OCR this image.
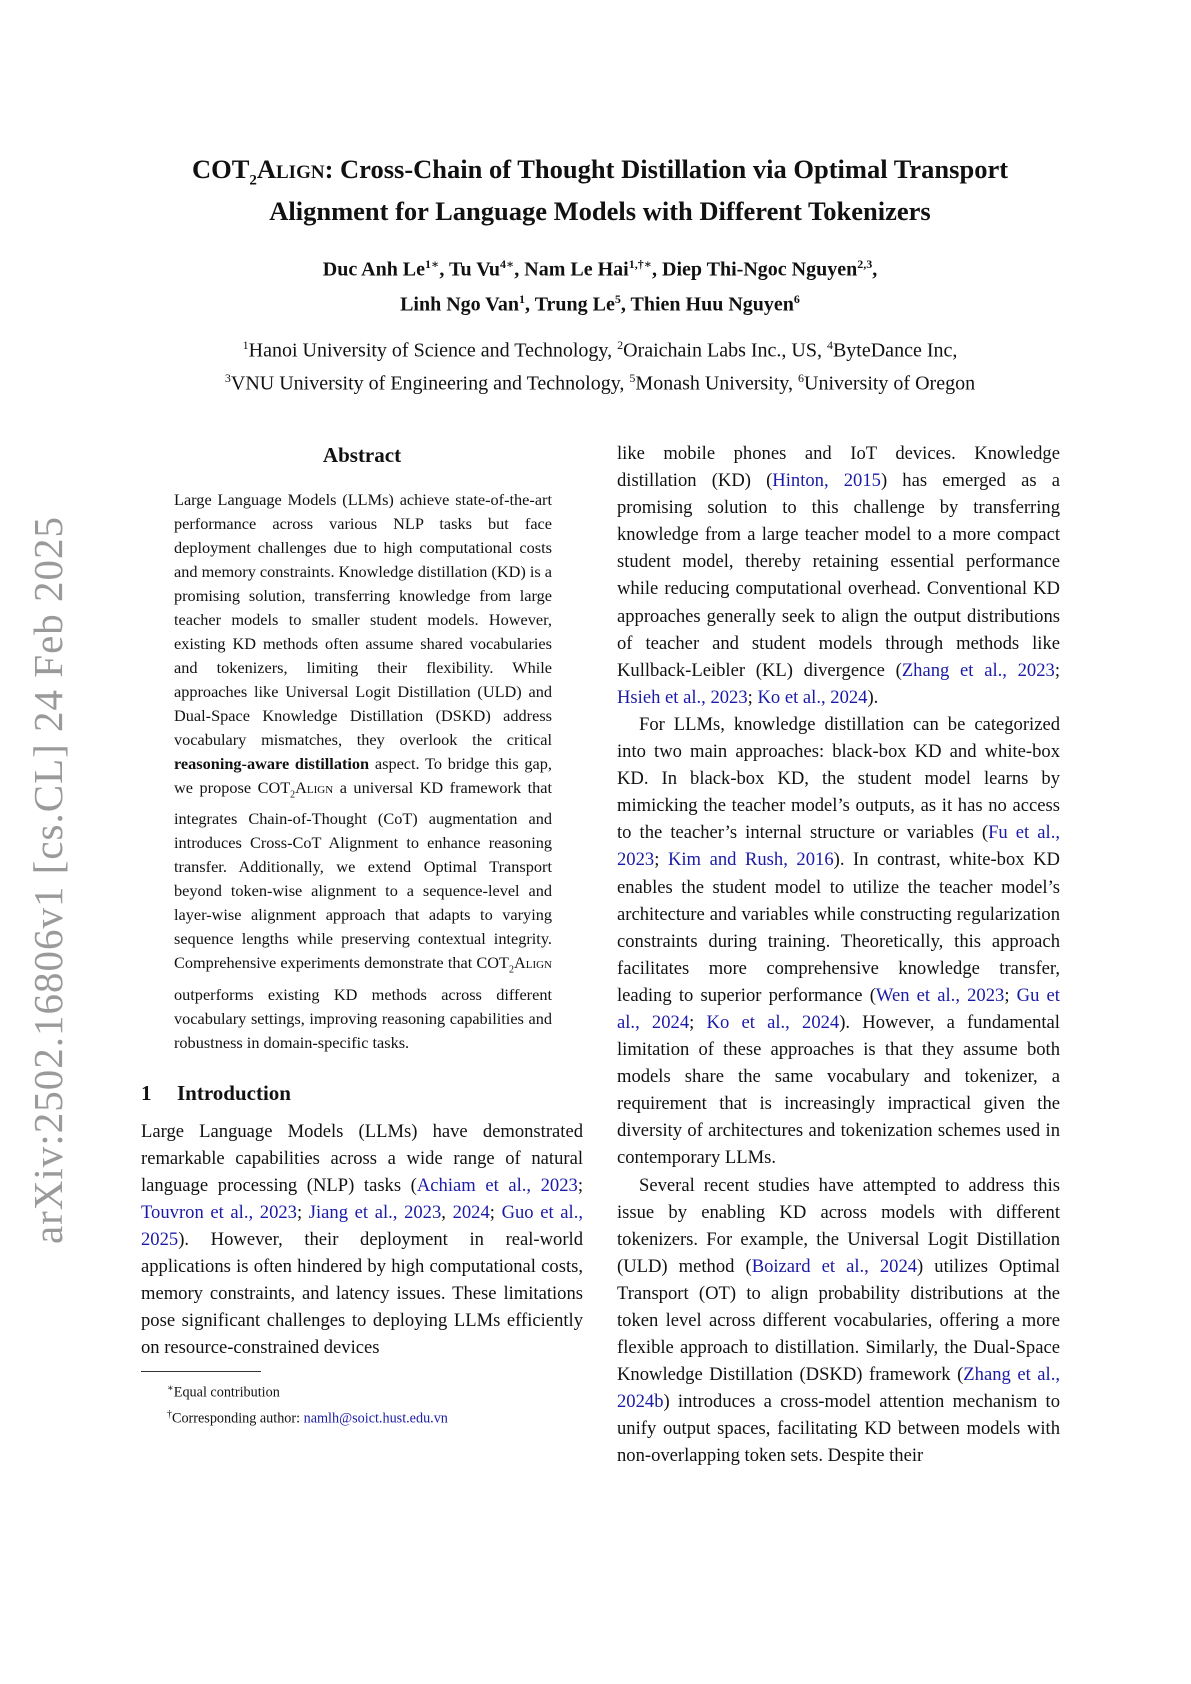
arXiv:2502.16806v1 [cs.CL] 24 Feb 2025
$COT_2Align$: Cross-Chain of Thought Distillation via Optimal Transport
Alignment for Language Models with Different Tokenizers
Duc Anh $Le^{1∗}$, Tu $Vu^{4∗}$, Nam Le Hai$^{1,\dagger∗}$, Diep Thi-Ngoc Nguyen$^{2,3}$,
Linh Ngo Van$^1$, Trung Le$^5$, Thien Huu Nguyen$^6$
$^1$Hanoi University of Science and Technology, $^2$Oraichain Labs Inc., US, $^4$ByteDance Inc,
$^3$VNU University of Engineering and Technology, $^5$Monash University, $^6$University of Oregon
Abstract
Large Language Models (LLMs) achieve state-of-the-art performance across various NLP tasks but face deployment challenges due to high computational costs and memory constraints. Knowledge distillation (KD) is a promising solution, transferring knowledge from large teacher models to smaller student models. However, existing KD methods often assume shared vocabularies and tokenizers, limiting their flexibility. While approaches like Universal Logit Distillation (ULD) and Dual-Space Knowledge Distillation (DSKD) address vocabulary mismatches, they overlook the critical reasoning-aware distillation aspect. To bridge this gap, we propose $COT_2Align$ a universal KD framework that integrates Chain-of-Thought (CoT) augmentation and introduces Cross-CoT Alignment to enhance reasoning transfer. Additionally, we extend Optimal Transport beyond token-wise alignment to a sequence-level and layer-wise alignment approach that adapts to varying sequence lengths while preserving contextual integrity. Comprehensive experiments demonstrate that $COT_2Align$ outperforms existing KD methods across different vocabulary settings, improving reasoning capabilities and robustness in domain-specific tasks.
1 Introduction

Large Language Models (LLMs) have demonstrated remarkable capabilities across a wide range of natural language processing (NLP) tasks (Achiam et al., 2023; Touvron et al., 2023; Jiang et al., 2023, 2024; Guo et al., 2025). However, their deployment in real-world applications is often hindered by high computational costs, memory constraints, and latency issues. These limitations pose significant challenges to deploying LLMs efficiently on resource-constrained devices

∗Equal contribution
†Corresponding author: namlh@soict.hust.edu.vn

like mobile phones and IoT devices. Knowledge distillation (KD) (Hinton, 2015) has emerged as a promising solution to this challenge by transferring knowledge from a large teacher model to a more compact student model, thereby retaining essential performance while reducing computational overhead. Conventional KD approaches generally seek to align the output distributions of teacher and student models through methods like Kullback-Leibler (KL) divergence (Zhang et al., 2023; Hsieh et al., 2023; Ko et al., 2024).

For LLMs, knowledge distillation can be categorized into two main approaches: black-box KD and white-box KD. In black-box KD, the student model learns by mimicking the teacher model’s outputs, as it has no access to the teacher’s internal structure or variables (Fu et al., 2023; Kim and Rush, 2016). In contrast, white-box KD enables the student model to utilize the teacher model’s architecture and variables while constructing regularization constraints during training. Theoretically, this approach facilitates more comprehensive knowledge transfer, leading to superior performance (Wen et al., 2023; Gu et al., 2024; Ko et al., 2024). However, a fundamental limitation of these approaches is that they assume both models share the same vocabulary and tokenizer, a requirement that is increasingly impractical given the diversity of architectures and tokenization schemes used in contemporary LLMs.

Several recent studies have attempted to address this issue by enabling KD across models with different tokenizers. For example, the Universal Logit Distillation (ULD) method (Boizard et al., 2024) utilizes Optimal Transport (OT) to align probability distributions at the token level across different vocabularies, offering a more flexible approach to distillation. Similarly, the Dual-Space Knowledge Distillation (DSKD) framework (Zhang et al., 2024b) introduces a cross-model attention mechanism to unify output spaces, facilitating KD between models with non-overlapping token sets. Despite their
